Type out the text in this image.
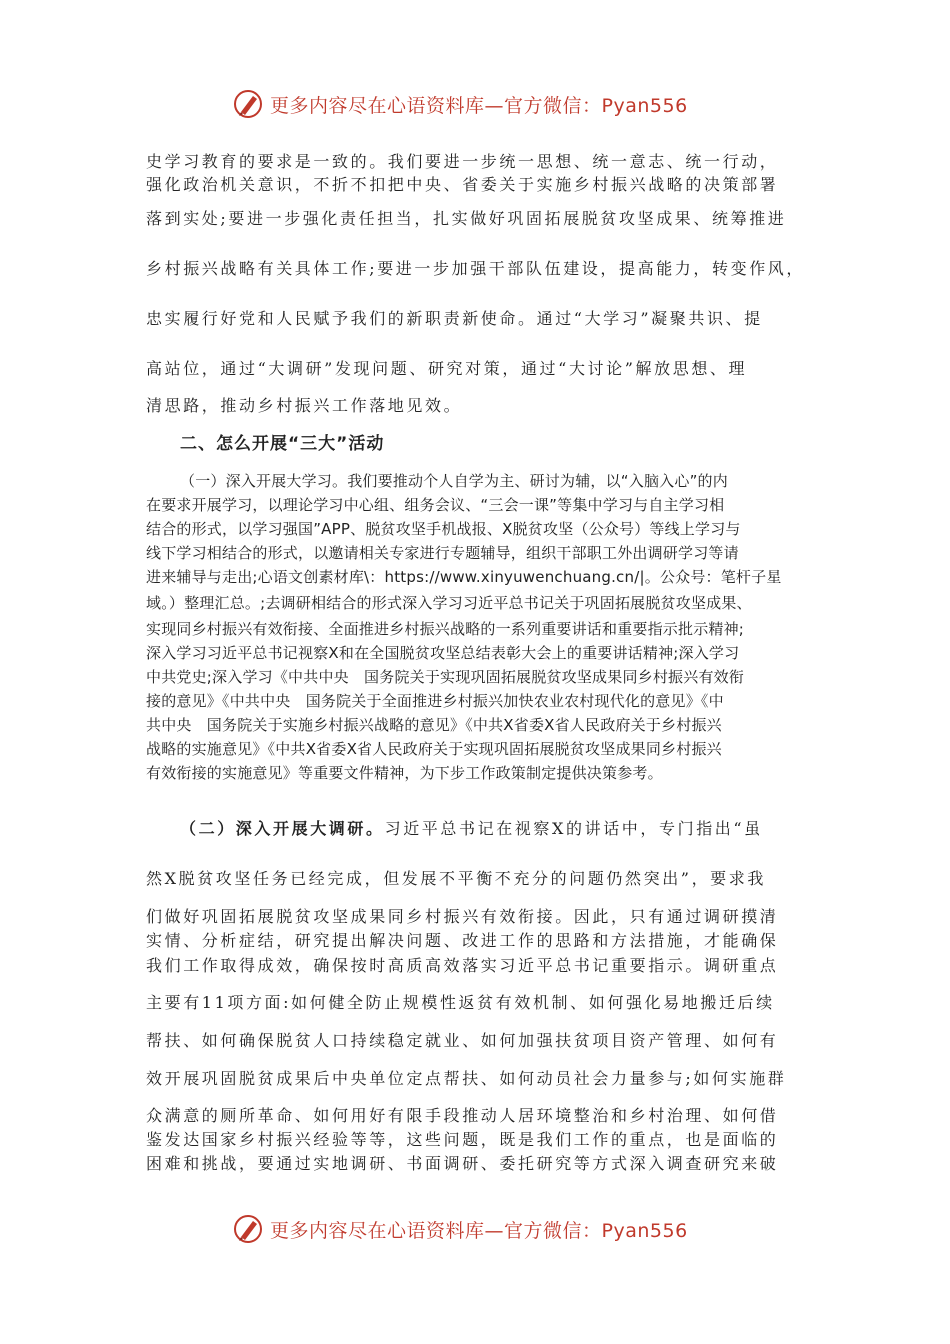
更多内容尽在心语资料库—官方微信：Pyan556
史学习教育的要求是一致的。我们要进一步统一思想、统一意志、统一行动，
强化政治机关意识，不折不扣把中央、省委关于实施乡村振兴战略的决策部署
落到实处;要进一步强化责任担当，扎实做好巩固拓展脱贫攻坚成果、统筹推进
乡村振兴战略有关具体工作;要进一步加强干部队伍建设，提高能力，转变作风，
忠实履行好党和人民赋予我们的新职责新使命。通过“大学习”凝聚共识、提
高站位，通过“大调研”发现问题、研究对策，通过“大讨论”解放思想、理
清思路，推动乡村振兴工作落地见效。
二、怎么开展“三大”活动
（一）深入开展大学习。我们要推动个人自学为主、研讨为辅，以“入脑入心”的内
在要求开展学习，以理论学习中心组、组务会议、“三会一课”等集中学习与自主学习相
结合的形式，以学习强国”APP、脱贫攻坚手机战报、X脱贫攻坚（公众号）等线上学习与
线下学习相结合的形式，以邀请相关专家进行专题辅导，组织干部职工外出调研学习等请
进来辅导与走出;心语文创素材库\：https://www.xinyuwenchuang.cn/|。公众号：笔杆子星
域。）整理汇总。;去调研相结合的形式深入学习习近平总书记关于巩固拓展脱贫攻坚成果、
实现同乡村振兴有效衔接、全面推进乡村振兴战略的一系列重要讲话和重要指示批示精神;
深入学习习近平总书记视察X和在全国脱贫攻坚总结表彰大会上的重要讲话精神;深入学习
中共党史;深入学习《中共中央　国务院关于实现巩固拓展脱贫攻坚成果同乡村振兴有效衔
接的意见》《中共中央　国务院关于全面推进乡村振兴加快农业农村现代化的意见》《中
共中央　国务院关于实施乡村振兴战略的意见》《中共X省委X省人民政府关于乡村振兴
战略的实施意见》《中共X省委X省人民政府关于实现巩固拓展脱贫攻坚成果同乡村振兴
有效衔接的实施意见》等重要文件精神，为下步工作政策制定提供决策参考。
（二）深入开展大调研。习近平总书记在视察X的讲话中，专门指出“虽
然X脱贫攻坚任务已经完成，但发展不平衡不充分的问题仍然突出”，要求我
们做好巩固拓展脱贫攻坚成果同乡村振兴有效衔接。因此，只有通过调研摸清
实情、分析症结，研究提出解决问题、改进工作的思路和方法措施，才能确保
我们工作取得成效，确保按时高质高效落实习近平总书记重要指示。调研重点
主要有11项方面:如何健全防止规模性返贫有效机制、如何强化易地搬迁后续
帮扶、如何确保脱贫人口持续稳定就业、如何加强扶贫项目资产管理、如何有
效开展巩固脱贫成果后中央单位定点帮扶、如何动员社会力量参与;如何实施群
众满意的厕所革命、如何用好有限手段推动人居环境整治和乡村治理、如何借
鉴发达国家乡村振兴经验等等，这些问题，既是我们工作的重点，也是面临的
困难和挑战，要通过实地调研、书面调研、委托研究等方式深入调查研究来破
更多内容尽在心语资料库—官方微信：Pyan556
